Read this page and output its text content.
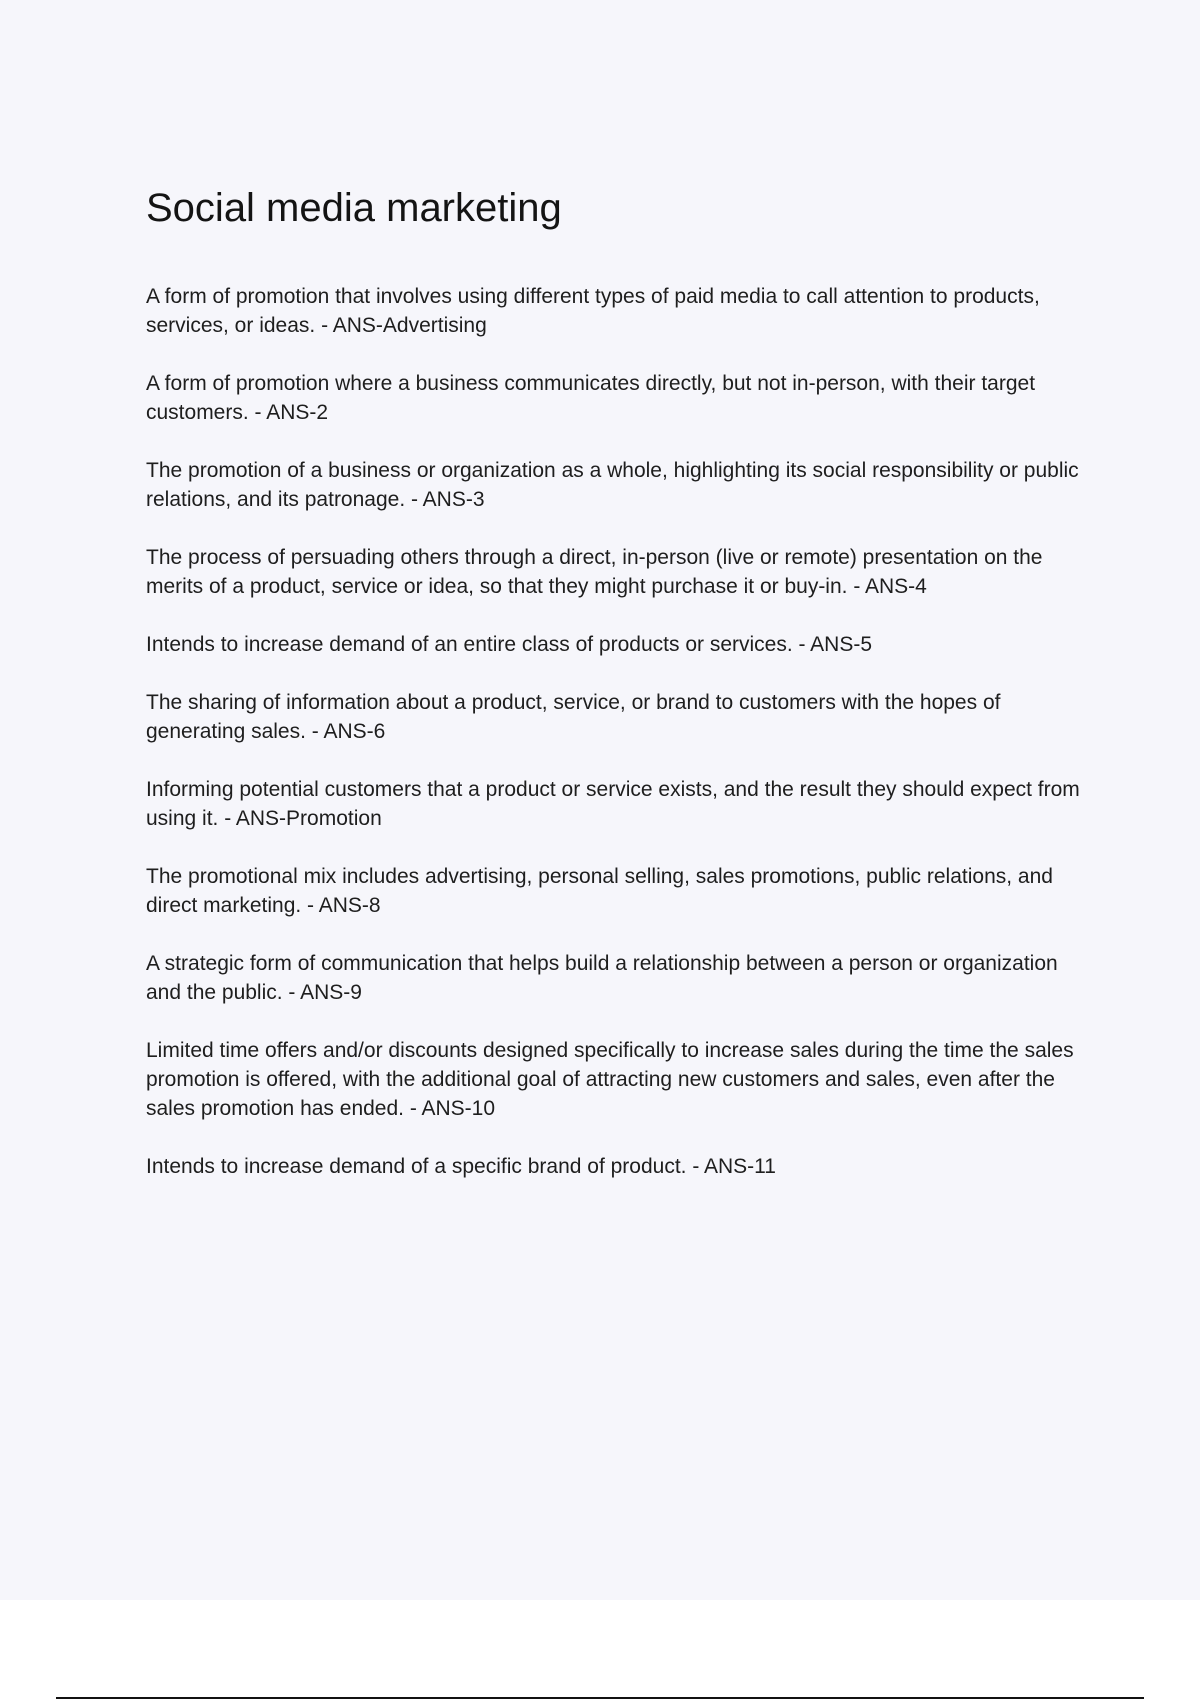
Social media marketing

A form of promotion that involves using different types of paid media to call attention to products, services, or ideas. - ANS-Advertising

A form of promotion where a business communicates directly, but not in-person, with their target customers. - ANS-2

The promotion of a business or organization as a whole, highlighting its social responsibility or public relations, and its patronage. - ANS-3

The process of persuading others through a direct, in-person (live or remote) presentation on the merits of a product, service or idea, so that they might purchase it or buy-in. - ANS-4

Intends to increase demand of an entire class of products or services. - ANS-5

The sharing of information about a product, service, or brand to customers with the hopes of generating sales. - ANS-6

Informing potential customers that a product or service exists, and the result they should expect from using it. - ANS-Promotion

The promotional mix includes advertising, personal selling, sales promotions, public relations, and direct marketing. - ANS-8

A strategic form of communication that helps build a relationship between a person or organization and the public. - ANS-9

Limited time offers and/or discounts designed specifically to increase sales during the time the sales promotion is offered, with the additional goal of attracting new customers and sales, even after the sales promotion has ended. - ANS-10

Intends to increase demand of a specific brand of product. - ANS-11
